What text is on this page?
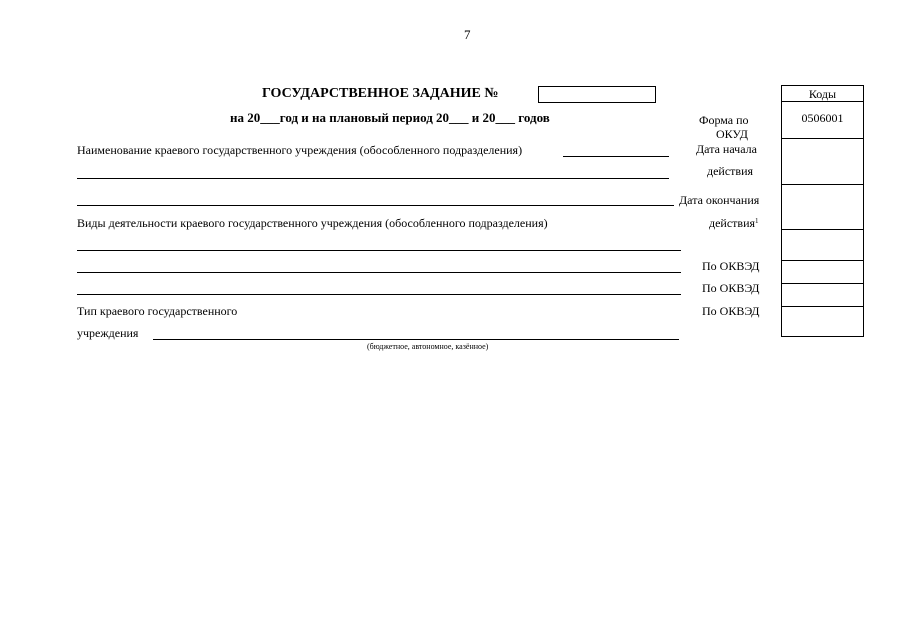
7
ГОСУДАРСТВЕННОЕ ЗАДАНИЕ №
на 20___год и на плановый период 20___ и 20___ годов
Наименование краевого государственного учреждения (обособленного подразделения)
Виды деятельности краевого государственного учреждения (обособленного подразделения)
Тип краевого государственного
учреждения
(бюджетное, автономное, казённое)
Форма по
ОКУД
Дата начала
действия
Дата окончания
действия$^1$
По ОКВЭД
По ОКВЭД
По ОКВЭД
Коды
0506001
